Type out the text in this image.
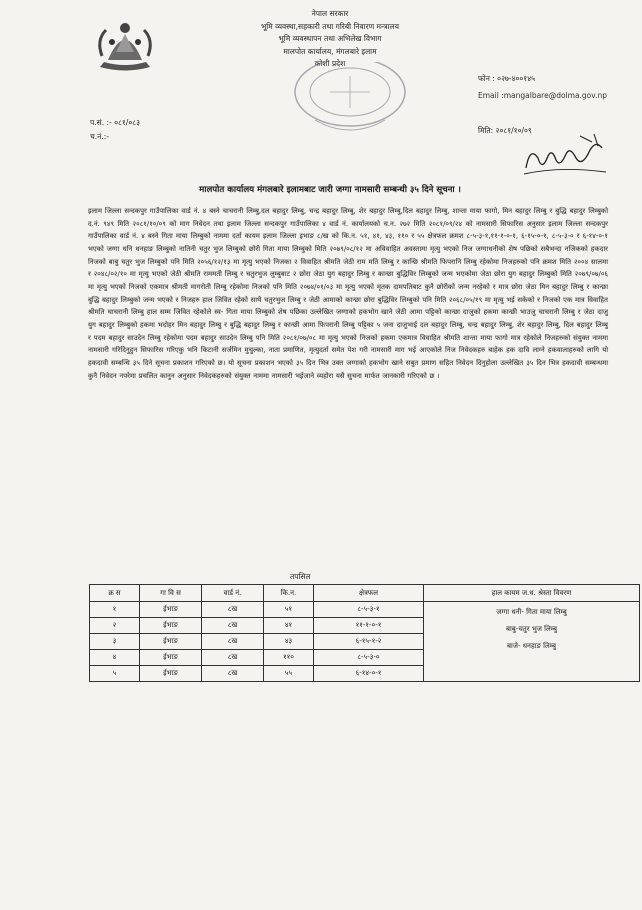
नेपाल सरकार
भूमि व्यवस्था,सहकारी तथा गरिबी निवारण मन्त्रालय
भूमि व्यवस्थापन तथा अभिलेख विभाग
मालपोत कार्यालय, मंगलबारे इलाम
कोशी प्रदेश
फोन : ०२७-४००१४५
Email :mangalbare@dolma.gov.np
प.सं. :- ०८१/०८३
च.नं.:-
मिति: २०८१/१०/०९
मालपोत कार्यालय मंगलबारे इलामबाट जारी जग्गा नामसारी सम्बन्धी ३५ दिने सूचना ।

इलाम जिल्ला सन्दकपुर गाउँपालिका वार्ड नं. ४ बस्ने चाचरानी लिम्बु,दल बहादुर लिम्बु, चन्द्र बहादुर लिम्बु, शेर बहादुर लिम्बु,दिल बहादुर लिम्बु, शान्ता माया फागो, मिन बहादुर लिम्बु र बुद्धि बहादुर लिम्बुको द.नं. ९४९ मिति २०८१/१०/०९ को माग निवेदन तथा इलाम जिल्ला सन्दकपुर गाउँपालिका ४ वार्ड नं. कार्यालयको च.न. २७२ मिति २०८१/०९/२४ को नामसारी सिफारिस अनुसार इलाम जिल्ला सन्दकपुर गाउँपालिका वार्ड नं. ४ बस्ने गिता माया लिम्बुको नाममा दर्ता कायम इलाम जिल्ला इभाङ ८/ख को कि.न. ५१, ४१, ४३, ११० र ५५ क्षेत्रफल क्रमश ८-५-३-१,११-१-०-१, ६-१५-०-१, ८-५-३-० र ६-१४-०-१ भएको जग्गा धनि धनहाङ लिम्बुको नातिनी चतुर भुज लिम्बुको छोरी गिता माया लिम्बुको मिति २०७९/०८/१२ मा अविवाहित अवस्तामा मृत्यु भएको निज जग्गाधनीको शेष पछिको सबैभन्दा नजिकको हकदार निजको बाबु चतुर भुज लिम्बुको पनि मिति २०५६/१२/१३ मा मृत्यु भएको निजका २ विवाहित श्रीमति जेठी राम मति लिम्बु र कान्छि श्रीमति फिपरानि लिम्बु रहेकोमा निजहरुको पनि क्रमश मिति २००४ सालमा र २०४८/०२/१० मा मृत्यु भएको जेठी श्रीमति राममती लिम्बु र चतुरभुज लुम्बुबाट २ छोरा जेठा युग बहादुर लिम्बु र कान्छा बुद्धिविर लिम्बुको जन्म भएकोमा जेठा छोरा युग बहादुर लिम्बुको मिति २०७९/०७/०६ मा मृत्यु भएको निजको एकमात्र श्रीमती मागरोती लिम्बु रहेकोमा निजको पनि मिति २०७४/०१/०३ मा मृत्यु भएको मृतक दामपतिबाट कुनै छोरीको जन्म नरहेको र मात्र छोरा जेठा मिन बहादुर लिम्बु र कान्छा बुद्धि बहादुर लिम्बुको जन्म भएको र निजहरु हाल जिवित रहेको साथै चतुरभुज लिम्बु र जेठी आमाको कान्छा छोरा बुद्धिविर लिम्बुको पनि मिति २०६८/०५/१९ मा मृत्यु भई सकेको र निजको एक मात्र विवाहित श्रीमति चाचरानी लिम्बु हाल सम्म जिवित रहेकोले स्व- गिता माया लिम्बुको शेष पछिका उल्लेखित जग्गाको हकभोग खाने जेठी आमा पट्टिको कान्छा दाजुको हकमा कान्छी भाउजु चाचरानी लिम्बु र जेठा दाजु युग बहादुर लिम्बुको हकमा भदोहर मिन बहादुर लिम्बु र बुद्धि बहादुर लिम्बु र कान्छी आमा फिपरानी लिम्बु पट्टिका ५ जना दाजुभाई दल बहादुर लिम्बु, चन्द्र बहादुर लिम्बु, शेर बहादुर लिम्बु, दिल बहादुर लिम्बु र पदम बहादुर साउदेन लिम्बु रहेकोमा पदम बहादुर साउदेन लिम्बु पनि मिति २०८१/०७/०८ मा मृत्यु भएको निजको हकमा एकमात्र विवाहित श्रीमति शान्ता माया फागो मात्र रहेकोले निजहरुको संयुक्त नाममा नामसारी गरिदिनुहुन सिफारिस गरिएकु भनि किटानी सर्जमिन मुचुल्का, नाता प्रमाणित, मृत्युदर्ता समेत पेश गरी नामसारी माग भई आएकोले निज निवेदकहरु बाहेक हक दावि लाग्ने हकवालाहरुको लागि यो हकदावी सम्बन्धि ३५ दिने सूचना प्रकाशन गरिएको छ। यो सूचना प्रकाशन भएको ३५ दिन भित्र उक्त जग्गाको हकभोग खाने सबुत प्रमाण सहित निवेदन दिनुहोला उल्लेखित ३५ दिन भित्र हकदावी सम्बन्धमा कुनै निवेदन नपरेमा प्रचलित कानुन अनुसार निवेदकहरुको संयुक्त नाममा नामसारी भईजाने व्यहोरा यसै सुचना मार्फत जानकारी गरिएको छ ।

तपसिल
क्र स	गा वि स	वार्ड नं.	कि.न.	क्षेत्रफल	हाल कायम ज.ध. श्रेस्ता विवरण
१	ईभाङ	८ख	५१	८-५-३-१	जग्गा धनी- गिता माया लिम्बु
बाबु-चतुर भुज लिम्बु
बाजे- धनहाङ लिम्बु

२	ईभाङ	८ख	४१	११-१-०-१	
३	ईभाङ	८ख	४३	६-१५-१-२	
४	ईभाङ	८ख	११०	८-५-३-०	
५	ईभाङ	८ख	५५	६-१४-०-१	
